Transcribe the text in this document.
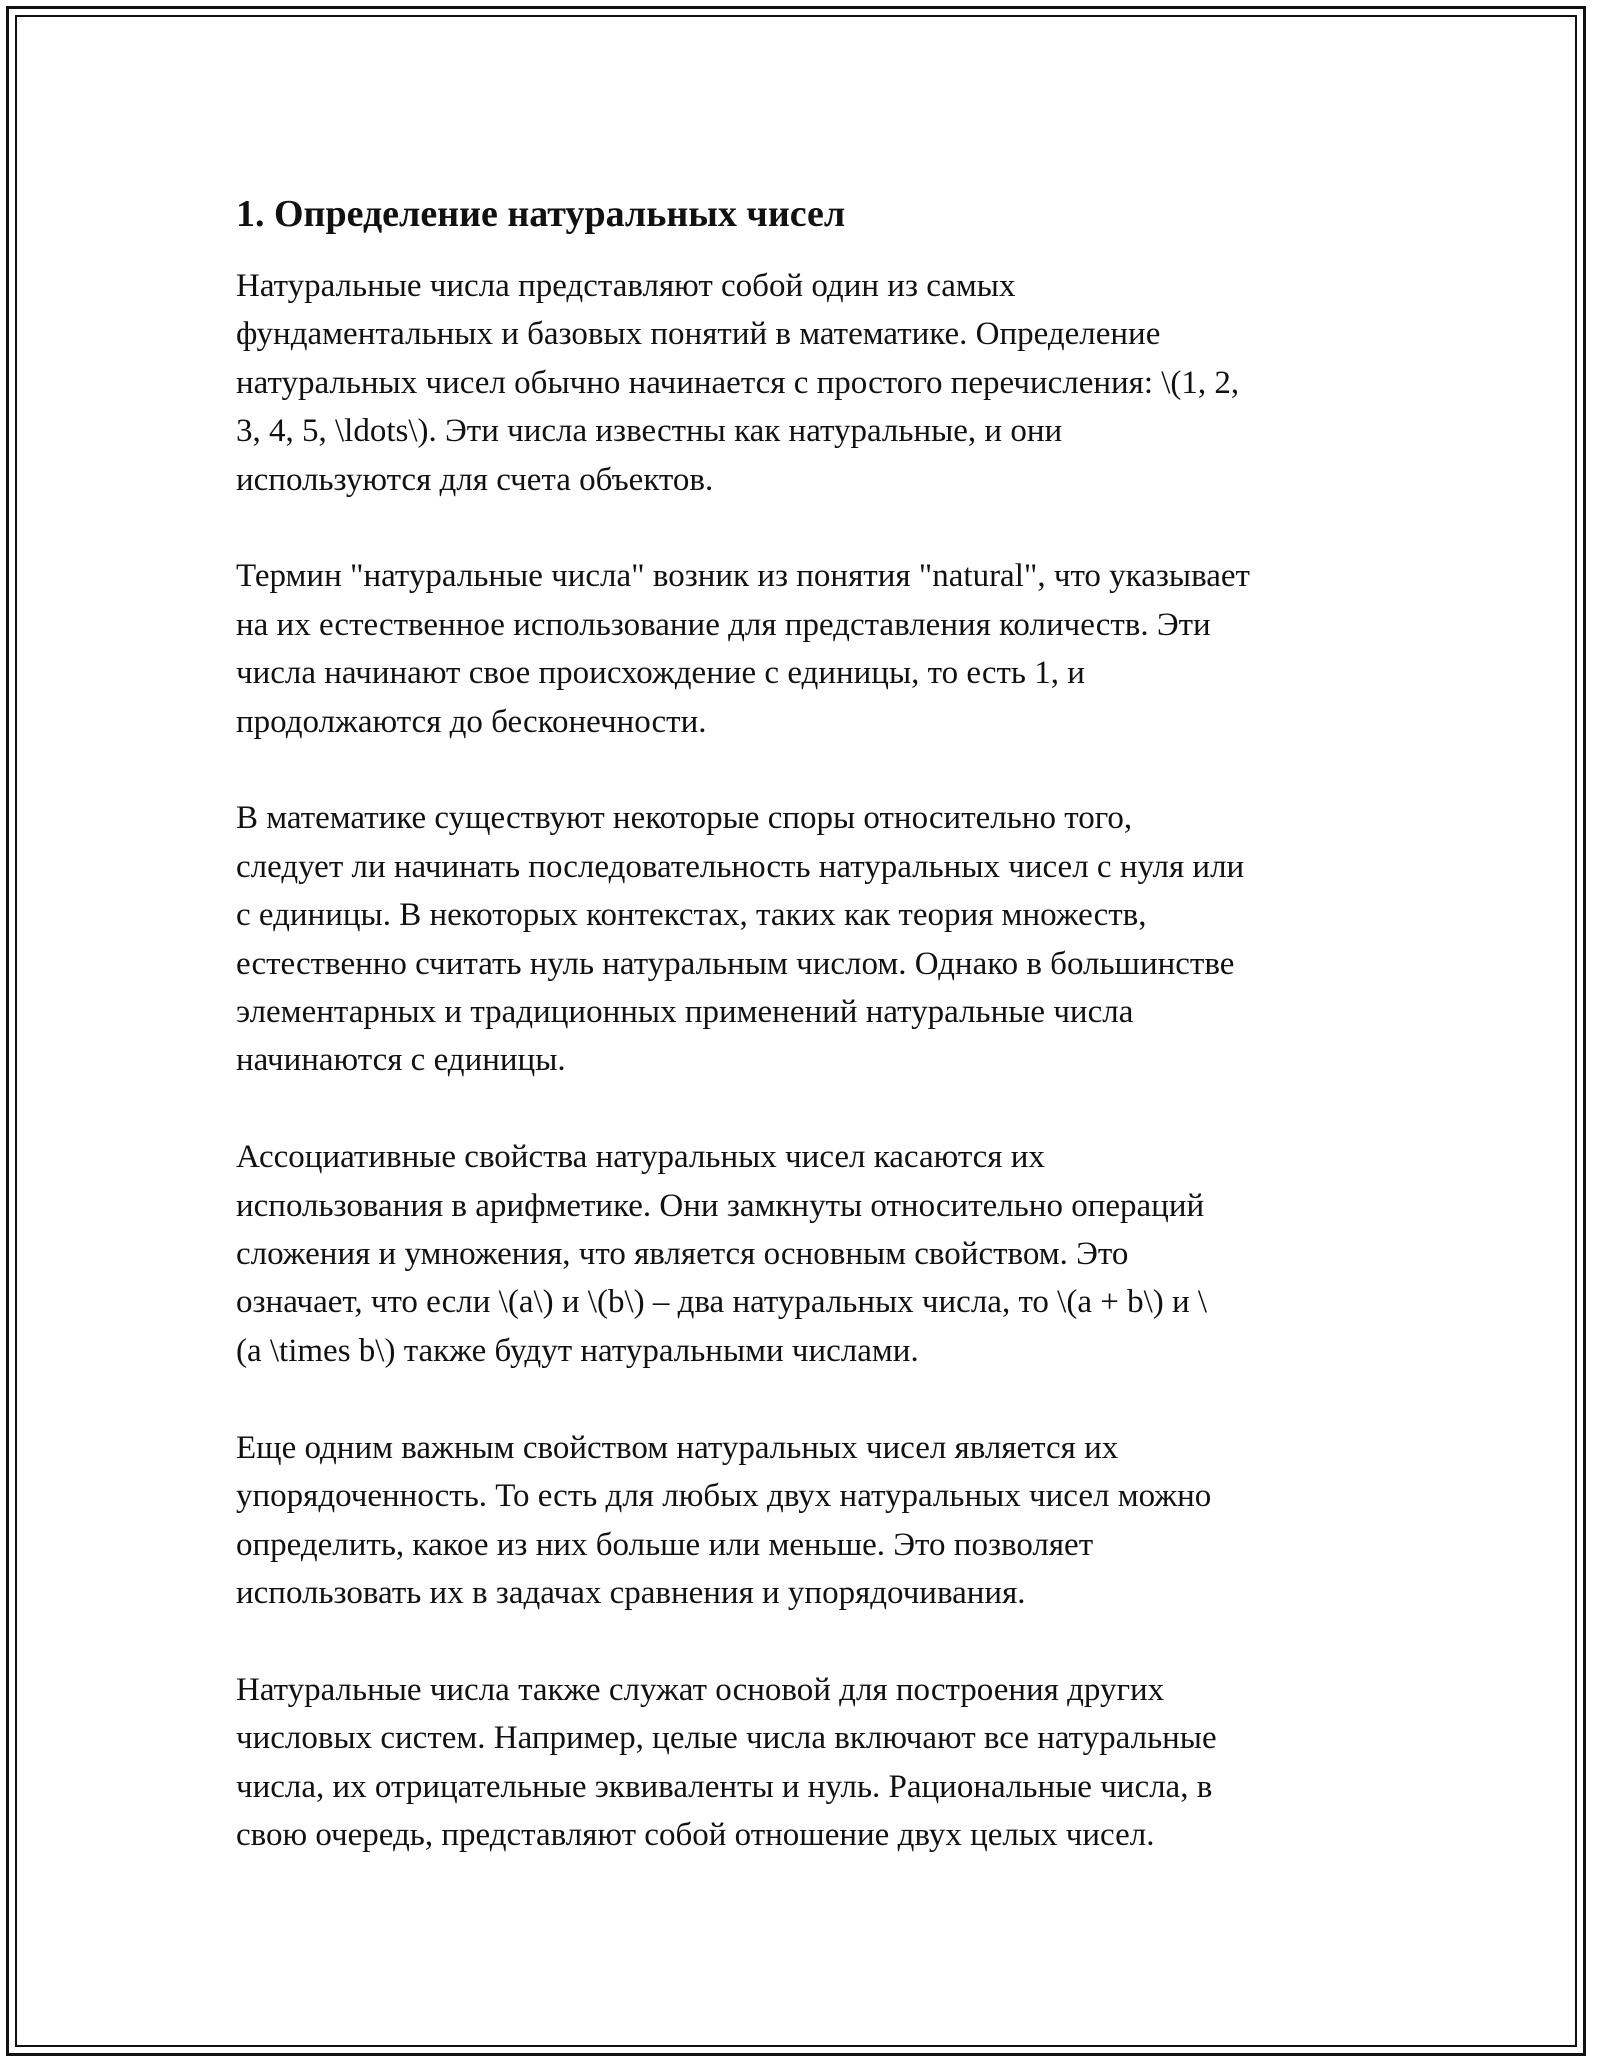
1. Определение натуральных чисел

Натуральные числа представляют собой один из самых
фундаментальных и базовых понятий в математике. Определение
натуральных чисел обычно начинается с простого перечисления: \(1, 2,
3, 4, 5, \ldots\). Эти числа известны как натуральные, и они
используются для счета объектов.

Термин "натуральные числа" возник из понятия "natural", что указывает
на их естественное использование для представления количеств. Эти
числа начинают свое происхождение с единицы, то есть 1, и
продолжаются до бесконечности.

В математике существуют некоторые споры относительно того,
следует ли начинать последовательность натуральных чисел с нуля или
с единицы. В некоторых контекстах, таких как теория множеств,
естественно считать нуль натуральным числом. Однако в большинстве
элементарных и традиционных применений натуральные числа
начинаются с единицы.

Ассоциативные свойства натуральных чисел касаются их
использования в арифметике. Они замкнуты относительно операций
сложения и умножения, что является основным свойством. Это
означает, что если \(a\) и \(b\) – два натуральных числа, то \(a + b\) и \
(a \times b\) также будут натуральными числами.

Еще одним важным свойством натуральных чисел является их
упорядоченность. То есть для любых двух натуральных чисел можно
определить, какое из них больше или меньше. Это позволяет
использовать их в задачах сравнения и упорядочивания.

Натуральные числа также служат основой для построения других
числовых систем. Например, целые числа включают все натуральные
числа, их отрицательные эквиваленты и нуль. Рациональные числа, в
свою очередь, представляют собой отношение двух целых чисел.
